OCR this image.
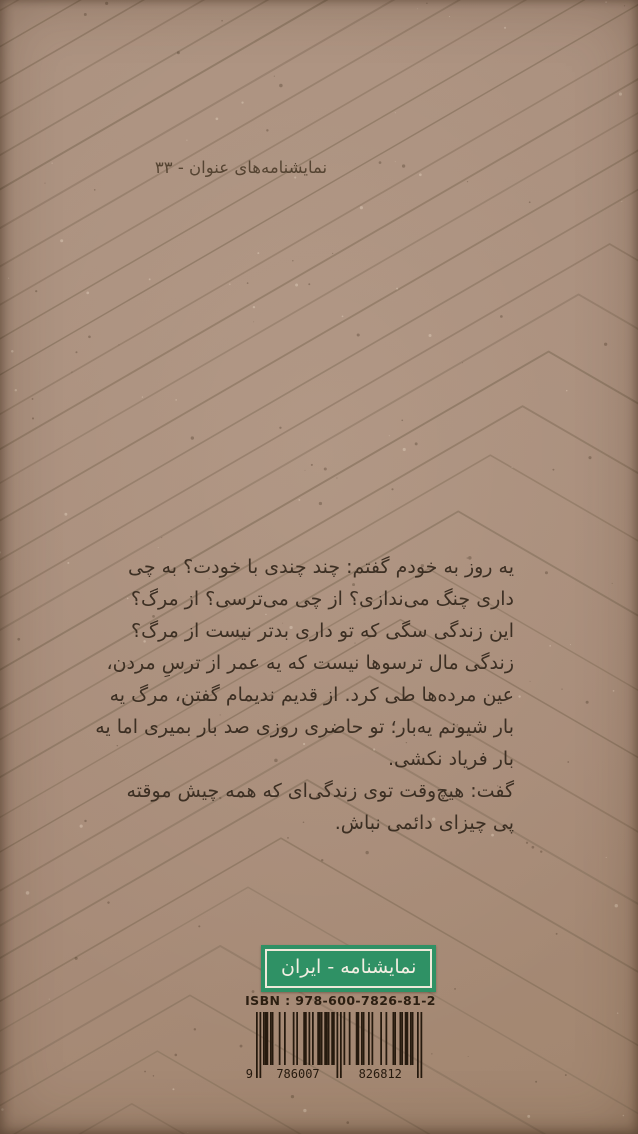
نمایشنامه‌های عنوان - ۳۳
یه روز به خودم گفتم: چند چندی با خودت؟ به چی
داری چنگ می‌ندازی؟ از چی می‌ترسی؟ از مرگ؟
این زندگی سگی که تو داری بدتر نیست از مرگ؟
زندگی مال ترسوها نیست که یه عمر از ترسِ مردن،
عین مرده‌ها طی کرد. از قدیم ندیمام گفتن، مرگ یه
بار شیونم یه‌بار؛ تو حاضری روزی صد بار بمیری اما یه
بار فریاد نکشی.
گفت: هیچ‌وقت توی زندگی‌ای که همه چیش موقته
پی چیزای دائمی نباش.
نمایشنامه - ایران
ISBN : 978-600-7826-81-2
9 786007	826812
